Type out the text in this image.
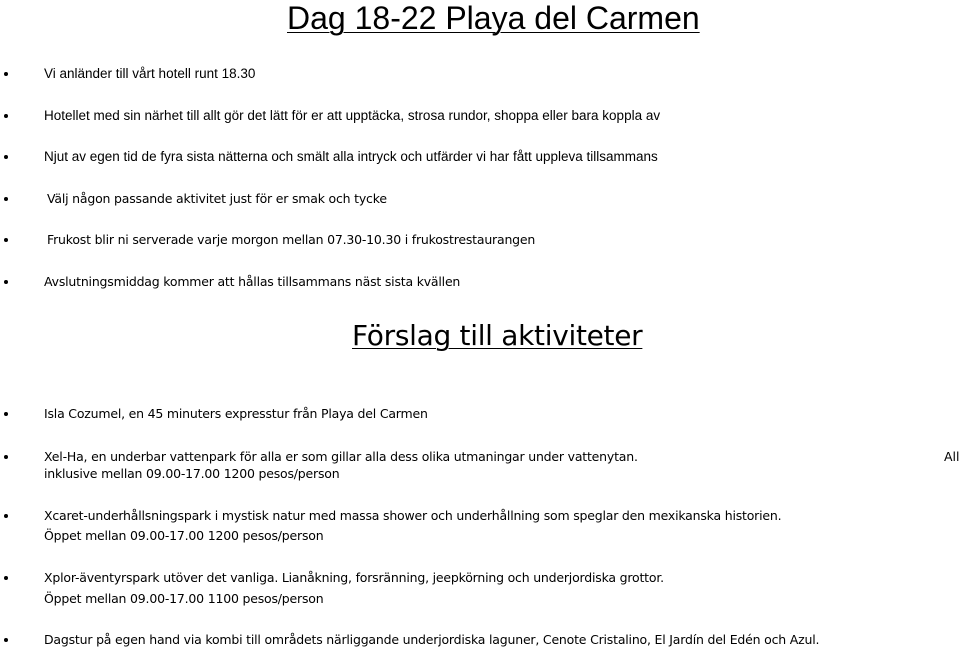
Dag 18-22 Playa del Carmen
Vi anländer till vårt hotell runt 18.30
Hotellet med sin närhet till allt gör det lätt för er att upptäcka, strosa rundor, shoppa eller bara koppla av
Njut av egen tid de fyra sista nätterna och smält alla intryck och utfärder vi har fått uppleva tillsammans
Välj någon passande aktivitet just för er smak och tycke
Frukost blir ni serverade varje morgon mellan 07.30-10.30 i frukostrestaurangen
Avslutningsmiddag kommer att hållas tillsammans näst sista kvällen
Förslag till aktiviteter
Isla Cozumel, en 45 minuters expresstur från Playa del Carmen
Xel-Ha, en underbar vattenpark för alla er som gillar alla dess olika utmaningar under vattenytan.
inklusive mellan 09.00-17.00 1200 pesos/person
All
Xcaret-underhållsningspark i mystisk natur med massa shower och underhållning som speglar den mexikanska historien.
Öppet mellan 09.00-17.00 1200 pesos/person
Xplor-äventyrspark utöver det vanliga. Lianåkning, forsränning, jeepkörning och underjordiska grottor.
Öppet mellan 09.00-17.00 1100 pesos/person
Dagstur på egen hand via kombi till områdets närliggande underjordiska laguner, Cenote Cristalino, El Jardín del Edén och Azul.
